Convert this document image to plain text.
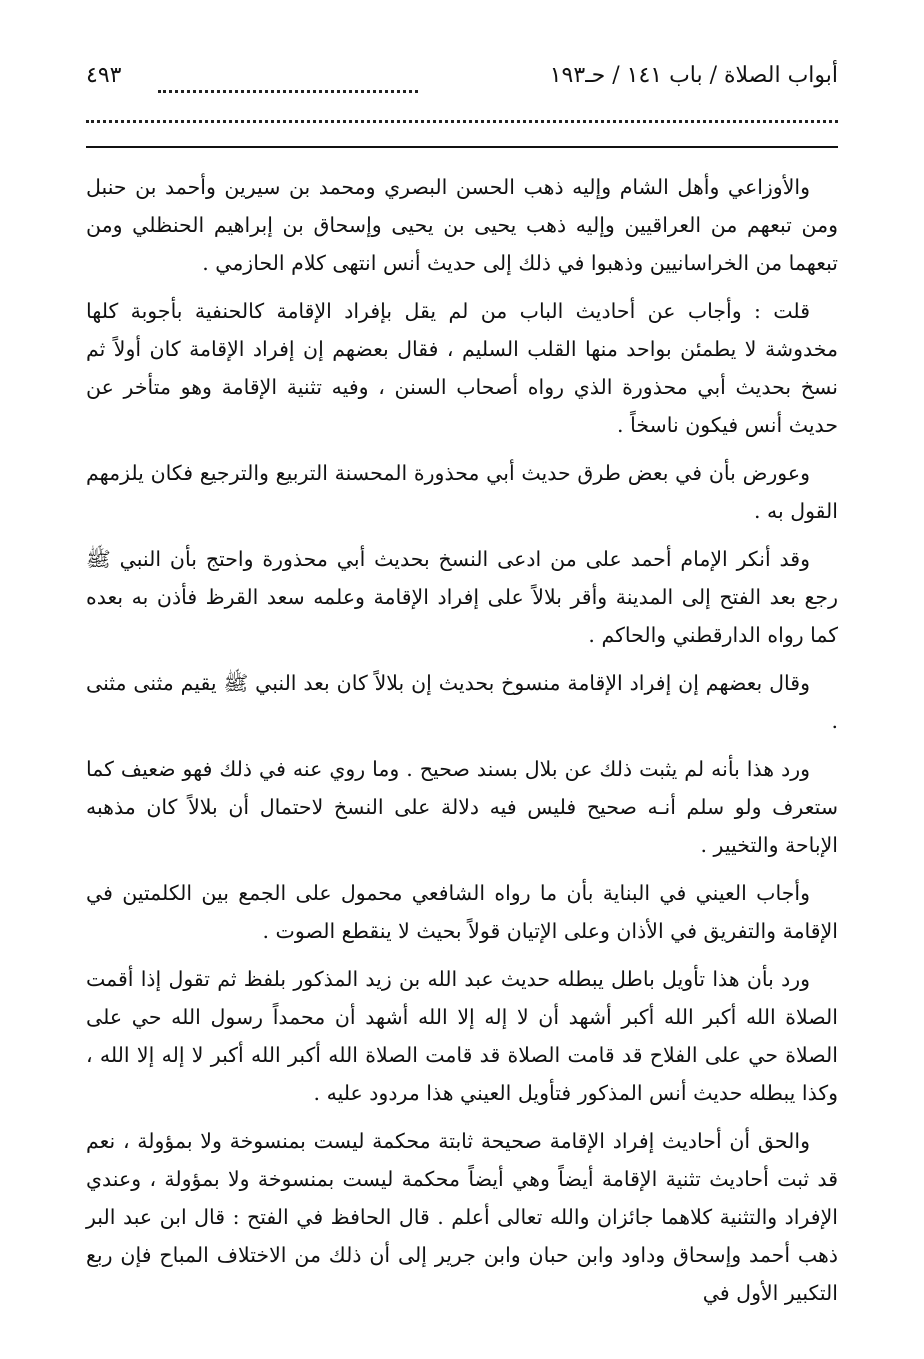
أبواب الصلاة / باب ١٤١ / حـ١٩٣
٤٩٣

والأوزاعي وأهل الشام وإليه ذهب الحسن البصري ومحمد بن سيرين وأحمد بن حنبل ومن تبعهم من العراقيين وإليه ذهب يحيى بن يحيى وإسحاق بن إبراهيم الحنظلي ومن تبعهما من الخراسانيين وذهبوا في ذلك إلى حديث أنس انتهى كلام الحازمي .

قلت : وأجاب عن أحاديث الباب من لم يقل بإفراد الإقامة كالحنفية بأجوبة كلها مخدوشة لا يطمئن بواحد منها القلب السليم ، فقال بعضهم إن إفراد الإقامة كان أولاً ثم نسخ بحديث أبي محذورة الذي رواه أصحاب السنن ، وفيه تثنية الإقامة وهو متأخر عن حديث أنس فيكون ناسخاً .

وعورض بأن في بعض طرق حديث أبي محذورة المحسنة التربيع والترجيع فكان يلزمهم القول به .

وقد أنكر الإمام أحمد على من ادعى النسخ بحديث أبي محذورة واحتج بأن النبي ﷺ رجع بعد الفتح إلى المدينة وأقر بلالاً على إفراد الإقامة وعلمه سعد القرظ فأذن به بعده كما رواه الدارقطني والحاكم .

وقال بعضهم إن إفراد الإقامة منسوخ بحديث إن بلالاً كان بعد النبي ﷺ يقيم مثنى مثنى .

ورد هذا بأنه لم يثبت ذلك عن بلال بسند صحيح . وما روي عنه في ذلك فهو ضعيف كما ستعرف ولو سلم أنـه صحيح فليس فيه دلالة على النسخ لاحتمال أن بلالاً كان مذهبه الإباحة والتخيير .

وأجاب العيني في البناية بأن ما رواه الشافعي محمول على الجمع بين الكلمتين في الإقامة والتفريق في الأذان وعلى الإتيان قولاً بحيث لا ينقطع الصوت .

ورد بأن هذا تأويل باطل يبطله حديث عبد الله بن زيد المذكور بلفظ ثم تقول إذا أقمت الصلاة الله أكبر الله أكبر أشهد أن لا إله إلا الله أشهد أن محمداً رسول الله حي على الصلاة حي على الفلاح قد قامت الصلاة قد قامت الصلاة الله أكبر الله أكبر لا إله إلا الله ، وكذا يبطله حديث أنس المذكور فتأويل العيني هذا مردود عليه .

والحق أن أحاديث إفراد الإقامة صحيحة ثابتة محكمة ليست بمنسوخة ولا بمؤولة ، نعم قد ثبت أحاديث تثنية الإقامة أيضاً وهي أيضاً محكمة ليست بمنسوخة ولا بمؤولة ، وعندي الإفراد والتثنية كلاهما جائزان والله تعالى أعلم . قال الحافظ في الفتح : قال ابن عبد البر ذهب أحمد وإسحاق وداود وابن حبان وابن جرير إلى أن ذلك من الاختلاف المباح فإن ربع التكبير الأول في
